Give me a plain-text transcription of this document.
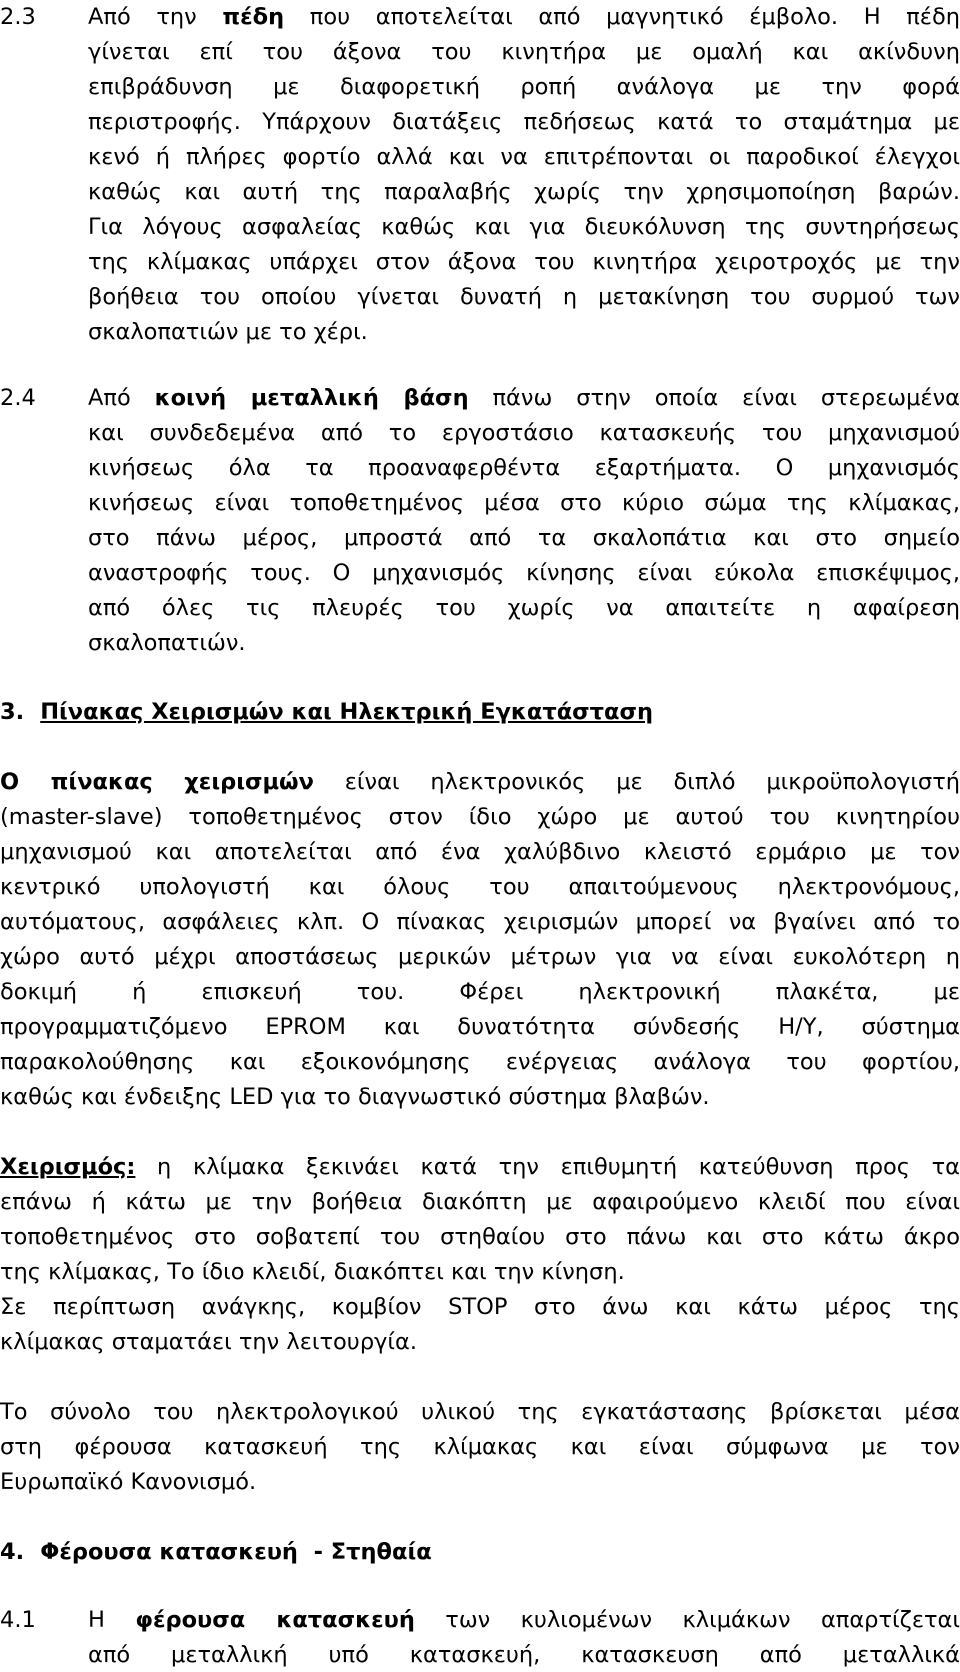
2.3 Από την πέδη που αποτελείται από μαγνητικό έμβολο. Η πέδη
γίνεται επί του άξονα του κινητήρα με ομαλή και ακίνδυνη
επιβράδυνση με διαφορετική ροπή ανάλογα με την φορά
περιστροφής. Υπάρχουν διατάξεις πεδήσεως κατά το σταμάτημα με
κενό ή πλήρες φορτίο αλλά και να επιτρέπονται οι παροδικοί έλεγχοι
καθώς και αυτή της παραλαβής χωρίς την χρησιμοποίηση βαρών.
Για λόγους ασφαλείας καθώς και για διευκόλυνση της συντηρήσεως
της κλίμακας υπάρχει στον άξονα του κινητήρα χειροτροχός με την
βοήθεια του οποίου γίνεται δυνατή η μετακίνηση του συρμού των
σκαλοπατιών με το χέρι.
2.4 Από κοινή μεταλλική βάση πάνω στην οποία είναι στερεωμένα
και συνδεδεμένα από το εργοστάσιο κατασκευής του μηχανισμού
κινήσεως όλα τα προαναφερθέντα εξαρτήματα. Ο μηχανισμός
κινήσεως είναι τοποθετημένος μέσα στο κύριο σώμα της κλίμακας,
στο πάνω μέρος, μπροστά από τα σκαλοπάτια και στο σημείο
αναστροφής τους. Ο μηχανισμός κίνησης είναι εύκολα επισκέψιμος,
από όλες τις πλευρές του χωρίς να απαιτείτε η αφαίρεση
σκαλοπατιών.
3. Πίνακας Χειρισμών και Ηλεκτρική Εγκατάσταση
Ο πίνακας χειρισμών είναι ηλεκτρονικός με διπλό μικροϋπολογιστή
(master-slave) τοποθετημένος στον ίδιο χώρο με αυτού του κινητηρίου
μηχανισμού και αποτελείται από ένα χαλύβδινο κλειστό ερμάριο με τον
κεντρικό υπολογιστή και όλους του απαιτούμενους ηλεκτρονόμους,
αυτόματους, ασφάλειες κλπ. Ο πίνακας χειρισμών μπορεί να βγαίνει από το
χώρο αυτό μέχρι αποστάσεως μερικών μέτρων για να είναι ευκολότερη η
δοκιμή ή επισκευή του. Φέρει ηλεκτρονική πλακέτα, με
προγραμματιζόμενο EPROM και δυνατότητα σύνδεσής Η/Υ, σύστημα
παρακολούθησης και εξοικονόμησης ενέργειας ανάλογα του φορτίου,
καθώς και ένδειξης LED για το διαγνωστικό σύστημα βλαβών.
Χειρισμός: η κλίμακα ξεκινάει κατά την επιθυμητή κατεύθυνση προς τα
επάνω ή κάτω με την βοήθεια διακόπτη με αφαιρούμενο κλειδί που είναι
τοποθετημένος στο σοβατεπί του στηθαίου στο πάνω και στο κάτω άκρο
της κλίμακας, Το ίδιο κλειδί, διακόπτει και την κίνηση.
Σε περίπτωση ανάγκης, κομβίον STOP στο άνω και κάτω μέρος της
κλίμακας σταματάει την λειτουργία.
Το σύνολο του ηλεκτρολογικού υλικού της εγκατάστασης βρίσκεται μέσα
στη φέρουσα κατασκευή της κλίμακας και είναι σύμφωνα με τον
Ευρωπαϊκό Κανονισμό.
4. Φέρουσα κατασκευή  - Στηθαία
4.1 Η φέρουσα κατασκευή των κυλιομένων κλιμάκων απαρτίζεται
από μεταλλική υπό κατασκευή, κατασκευση από μεταλλικά
